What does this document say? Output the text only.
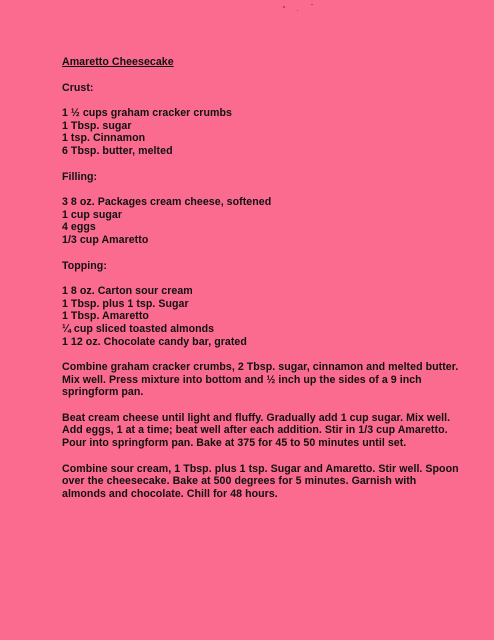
Amaretto Cheesecake
Crust:
1 ½ cups graham cracker crumbs
1 Tbsp. sugar
1 tsp. Cinnamon
6 Tbsp. butter, melted
Filling:
3 8 oz. Packages cream cheese, softened
1 cup sugar
4 eggs
1/3 cup Amaretto
Topping:
1 8 oz. Carton sour cream
1 Tbsp. plus 1 tsp. Sugar
1 Tbsp. Amaretto
¼ cup sliced toasted almonds
1 12 oz. Chocolate candy bar, grated

Combine graham cracker crumbs, 2 Tbsp. sugar, cinnamon and melted butter. Mix well. Press mixture into bottom and ½ inch up the sides of a 9 inch springform pan.

Beat cream cheese until light and fluffy. Gradually add 1 cup sugar. Mix well. Add eggs, 1 at a time; beat well after each addition. Stir in 1/3 cup Amaretto. Pour into springform pan. Bake at 375 for 45 to 50 minutes until set.

Combine sour cream, 1 Tbsp. plus 1 tsp. Sugar and Amaretto. Stir well. Spoon over the cheesecake. Bake at 500 degrees for 5 minutes. Garnish with almonds and chocolate. Chill for 48 hours.
